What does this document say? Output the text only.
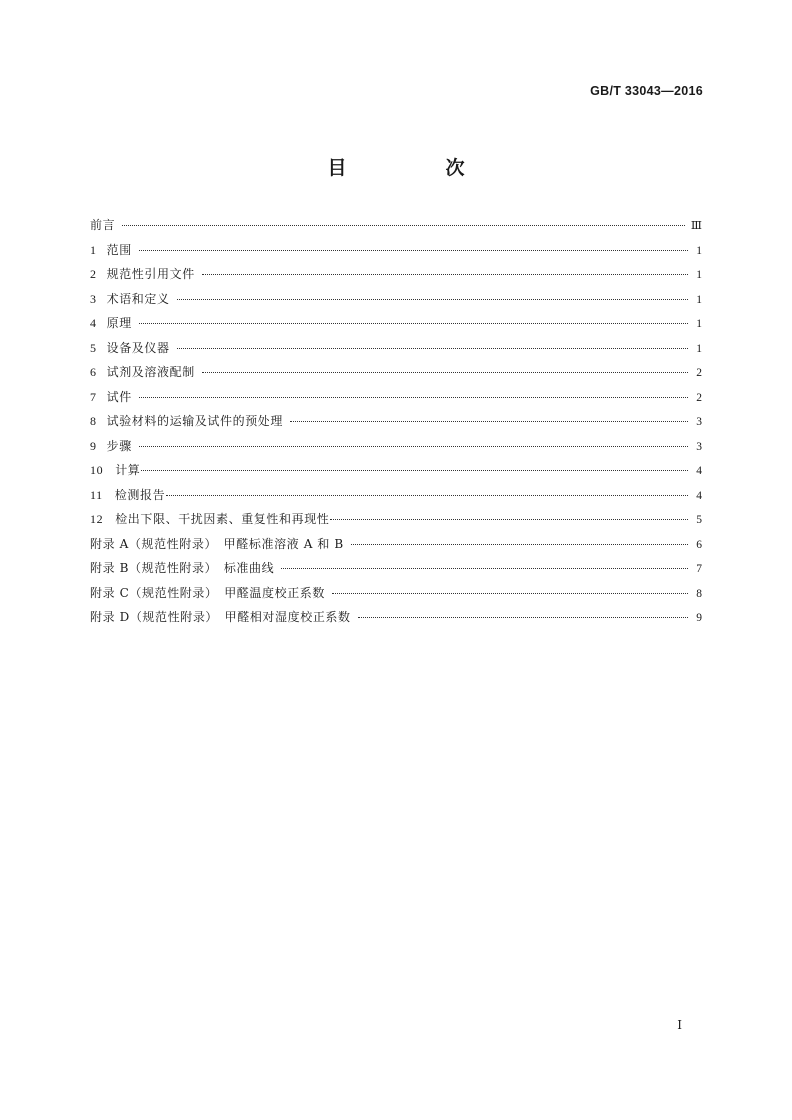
GB/T 33043—2016
目　次
前言	Ⅲ
1 范围	1
2 规范性引用文件	1
3 术语和定义	1
4 原理	1
5 设备及仪器	1
6 试剂及溶液配制	2
7 试件	2
8 试验材料的运输及试件的预处理	3
9 步骤	3
10 计算	4
11 检测报告	4
12 检出下限、干扰因素、重复性和再现性	5
附录 A（规范性附录）　甲醛标准溶液 A 和 B	6
附录 B（规范性附录）　标准曲线	7
附录 C（规范性附录）　甲醛温度校正系数	8
附录 D（规范性附录）　甲醛相对湿度校正系数	9
Ⅰ
